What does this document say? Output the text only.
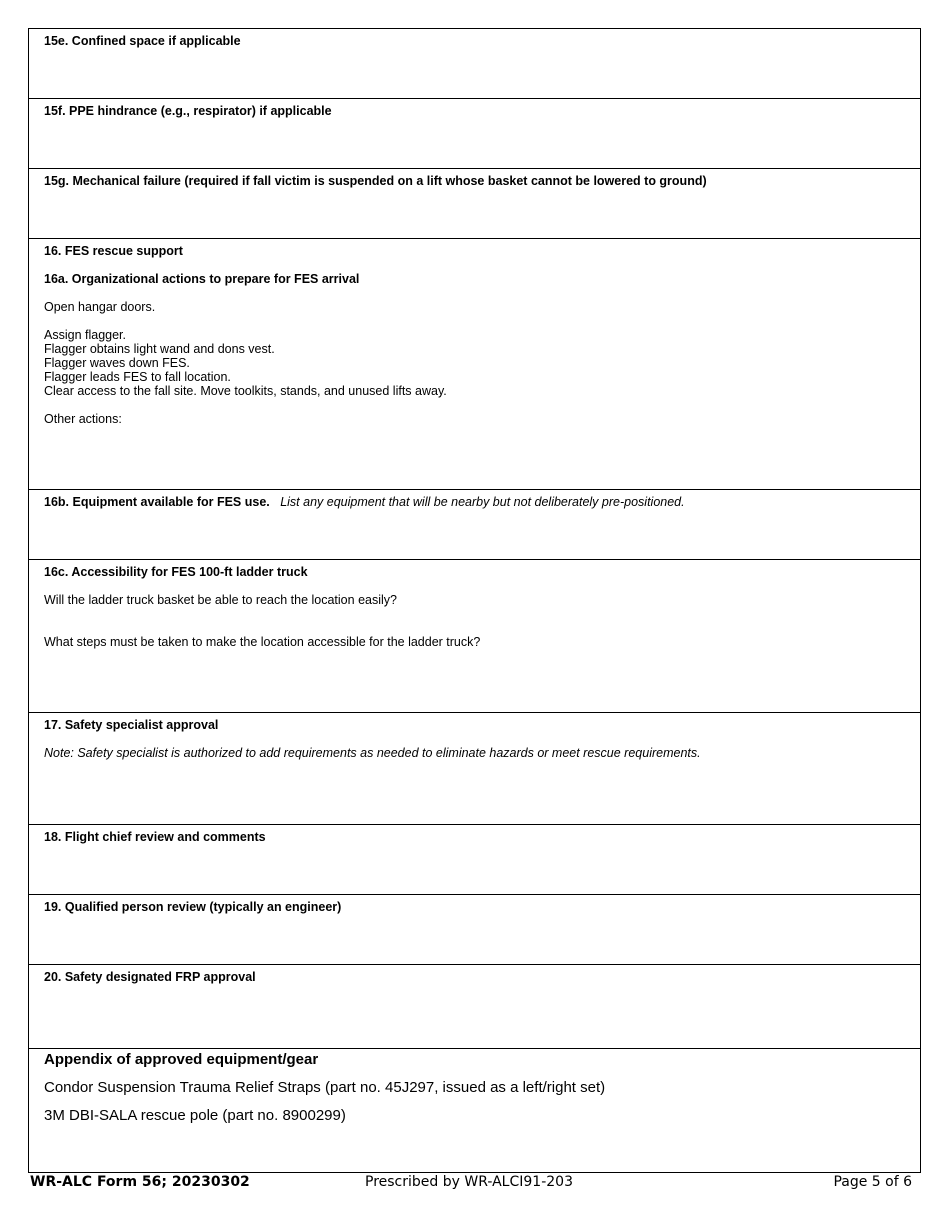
15e. Confined space if applicable

15f. PPE hindrance (e.g., respirator) if applicable

15g. Mechanical failure (required if fall victim is suspended on a lift whose basket cannot be lowered to ground)

16. FES rescue support

16a. Organizational actions to prepare for FES arrival

Open hangar doors.

Assign flagger.

Flagger obtains light wand and dons vest.

Flagger waves down FES.

Flagger leads FES to fall location.

Clear access to the fall site. Move toolkits, stands, and unused lifts away.

Other actions:

16b. Equipment available for FES use. List any equipment that will be nearby but not deliberately pre-positioned.

16c. Accessibility for FES 100-ft ladder truck

Will the ladder truck basket be able to reach the location easily?

What steps must be taken to make the location accessible for the ladder truck?

17. Safety specialist approval

Note: Safety specialist is authorized to add requirements as needed to eliminate hazards or meet rescue requirements.

18. Flight chief review and comments

19. Qualified person review (typically an engineer)

20. Safety designated FRP approval

Appendix of approved equipment/gear

Condor Suspension Trauma Relief Straps (part no. 45J297, issued as a left/right set)

3M DBI-SALA rescue pole (part no. 8900299)

WR-ALC Form 56; 20230302	Prescribed by WR-ALCI91-203	Page 5 of 6
